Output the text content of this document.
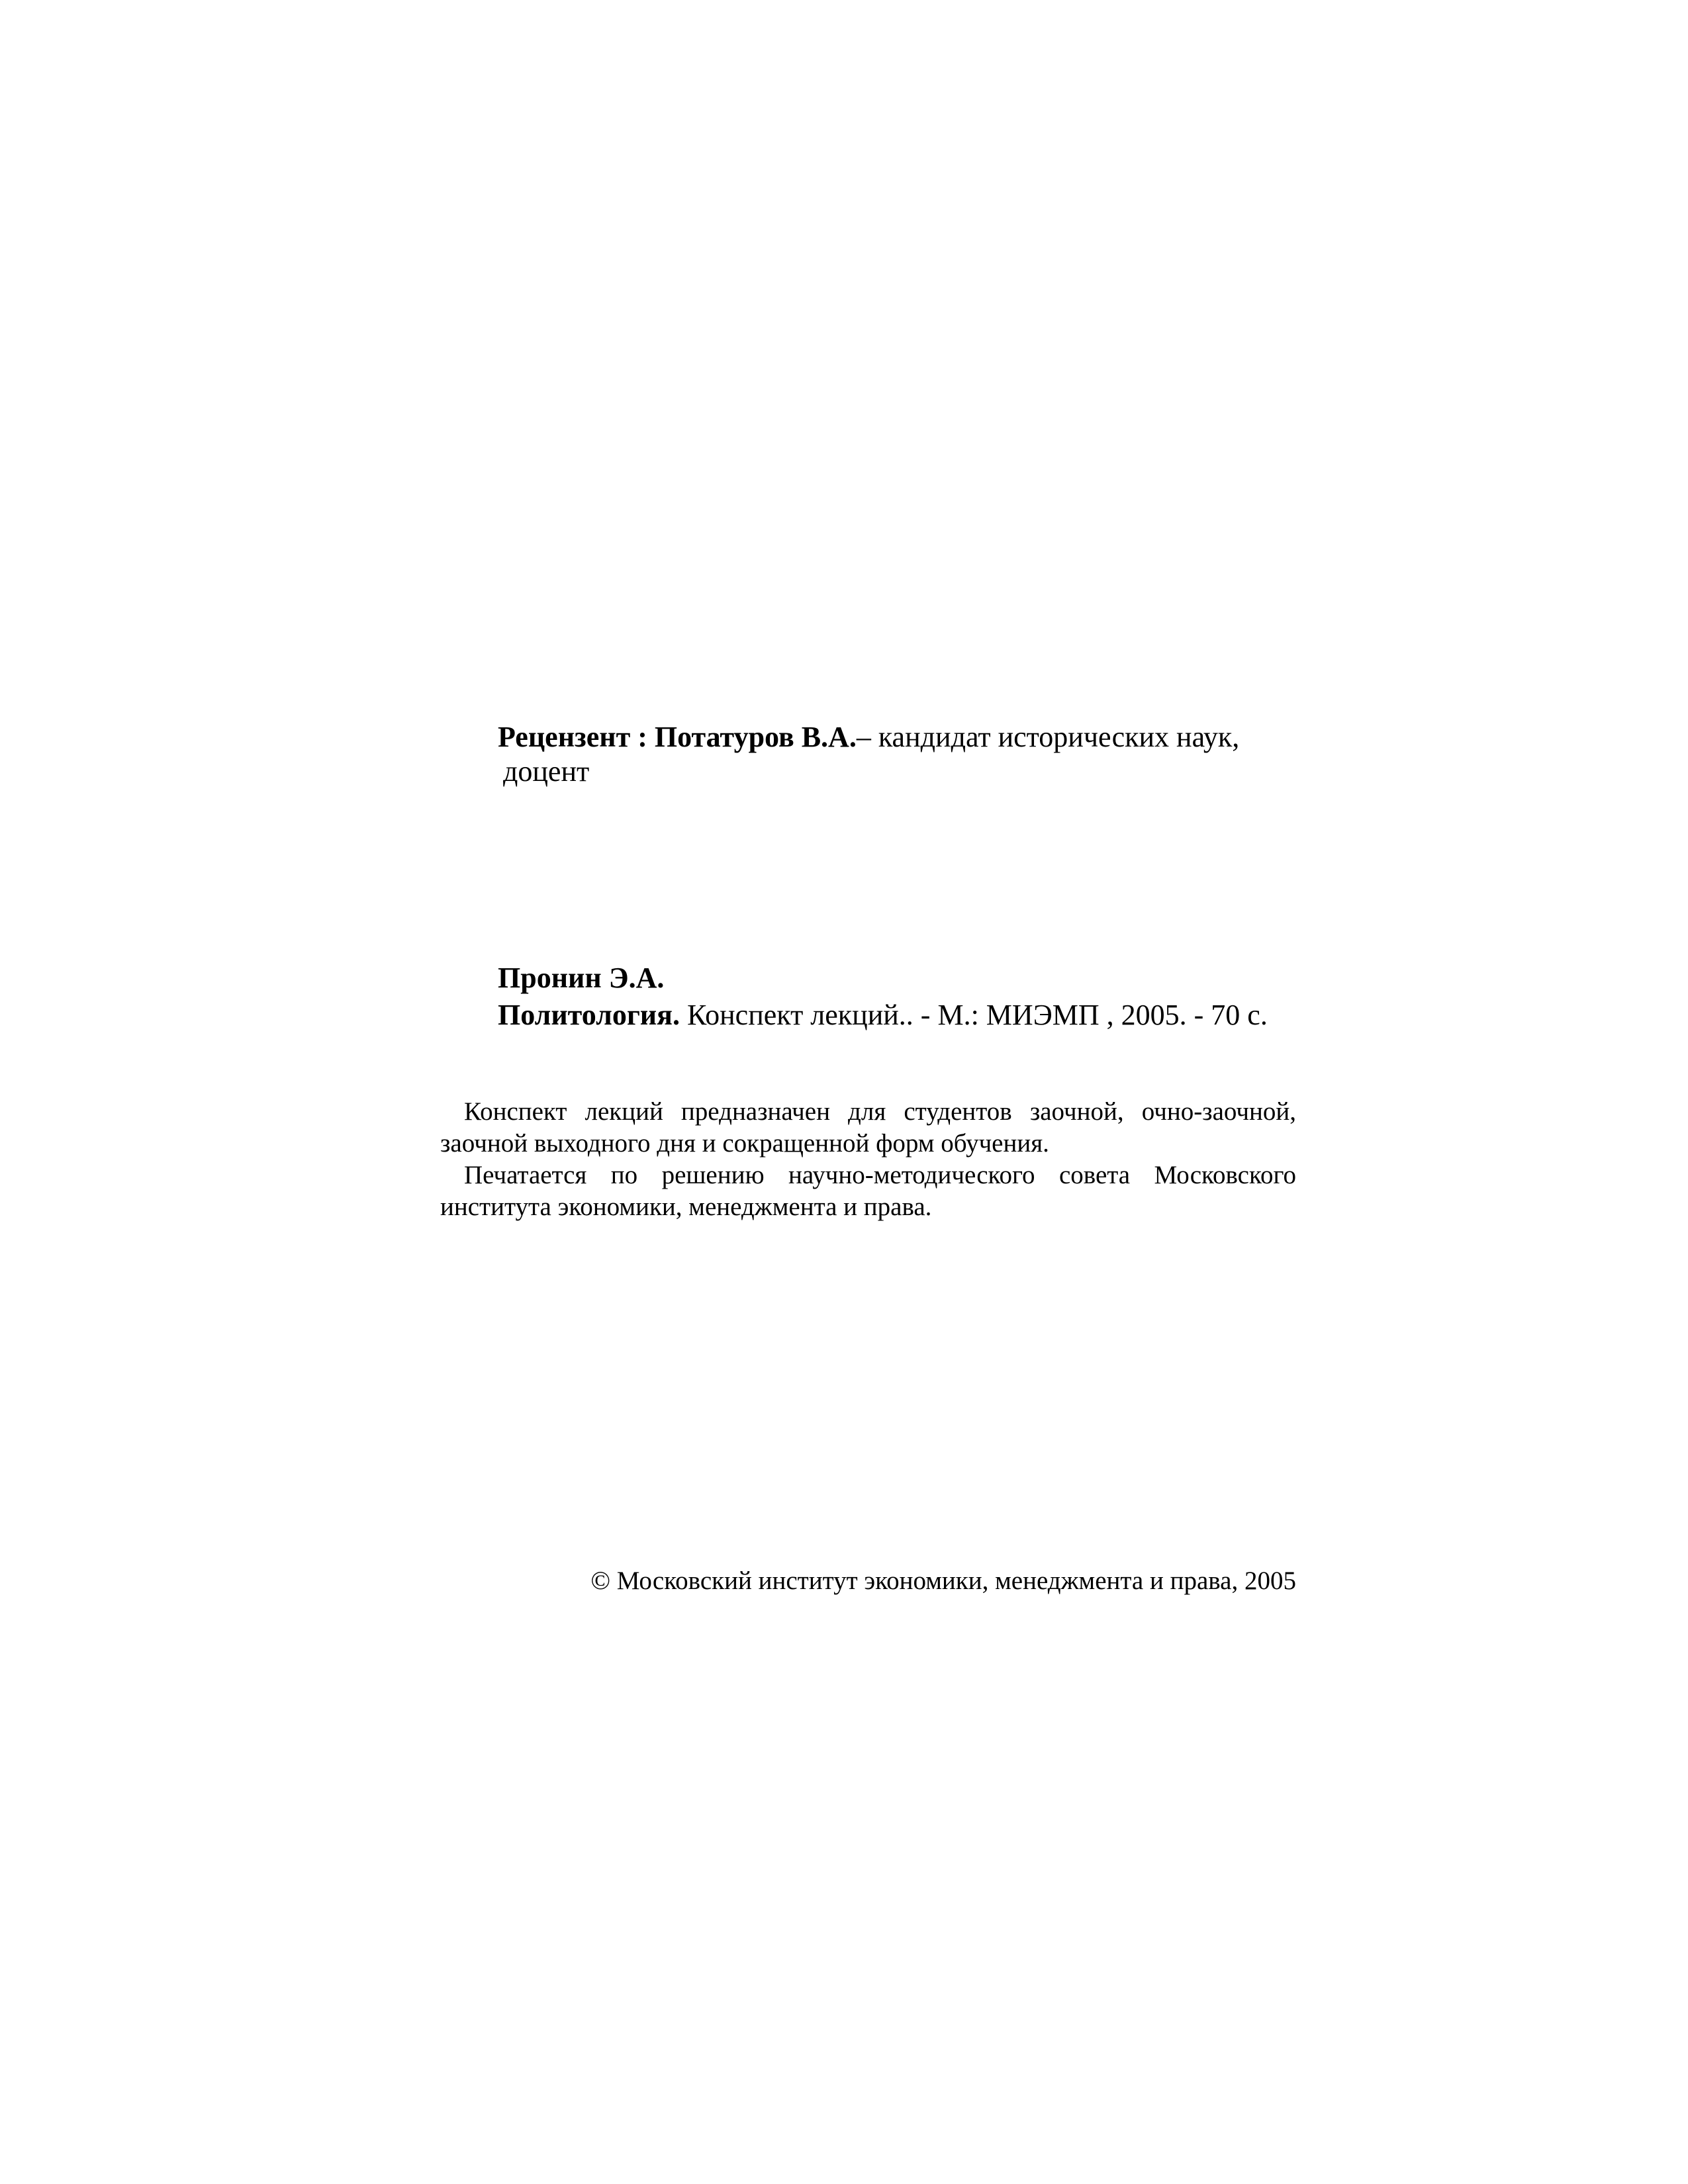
Рецензент : Потатуров В.А.– кандидат исторических наук,
доцент
Пронин Э.А.
Политология. Конспект лекций.. - М.: МИЭМП , 2005. - 70 с.

Конспект лекций предназначен для студентов заочной, очно-заочной, заочной выходного дня и сокращенной форм обучения.

Печатается по решению научно-методического совета Московского института экономики, менеджмента и права.

© Московский институт экономики, менеджмента и права, 2005
